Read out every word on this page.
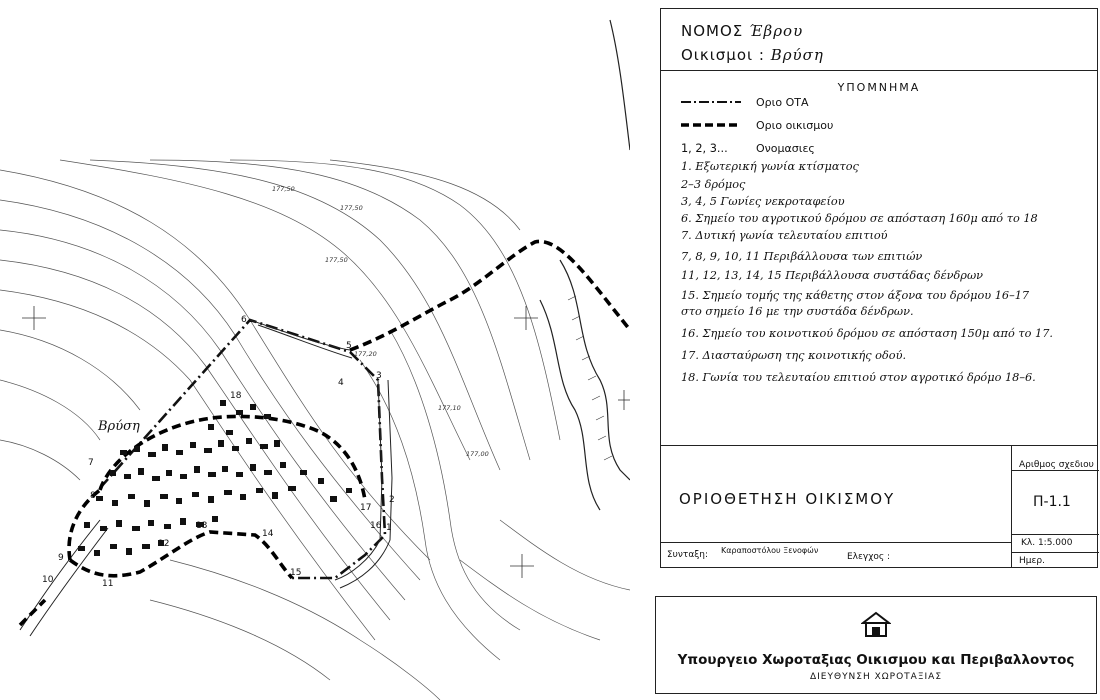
1
2
3
4
5
6
7
8
9
10	11
12
13
14
15
16
17
18
177,50
177,50
177,50
177,20
177,10
177,00
Βρύση
ΝΟΜΟΣ Έβρου
Οικισμοι : Βρύση
ΥΠΟΜΝΗΜΑ
Οριο ΟΤΑ
Οριο οικισμου
1, 2, 3...	Ονομασιες
1. Εξωτερική γωνία κτίσματος
2–3 δρόμος
3, 4, 5 Γωνίες νεκροταφείου
6. Σημείο του αγροτικού δρόμου σε απόσταση 160μ από το 18
7. Δυτική γωνία τελευταίου επιτιού
7, 8, 9, 10, 11 Περιβάλλουσα των επιτιών
11, 12, 13, 14, 15 Περιβάλλουσα συστάδας δένδρων
15. Σημείο τομής της κάθετης στον άξονα του δρόμου 16–17
στο σημείο 16 με την συστάδα δένδρων.
16. Σημείο του κοινοτικού δρόμου σε απόσταση 150μ από το 17.
17. Διασταύρωση της κοινοτικής οδού.
18. Γωνία του τελευταίου επιτιού στον αγροτικό δρόμο 18–6.
ΟΡΙΟΘΕΤΗΣΗ ΟΙΚΙΣΜΟΥ
Αριθμος σχεδιου
Π-1.1
Κλ. 1:5.000
Συνταξη: Καραποστόλου Ξενοφών
Ελεγχος :	Ημερ.
Υπουργειο Χωροταξιας Οικισμου και Περιβαλλοντος
ΔΙΕΥΘΥΝΣΗ ΧΩΡΟΤΑΞΙΑΣ
